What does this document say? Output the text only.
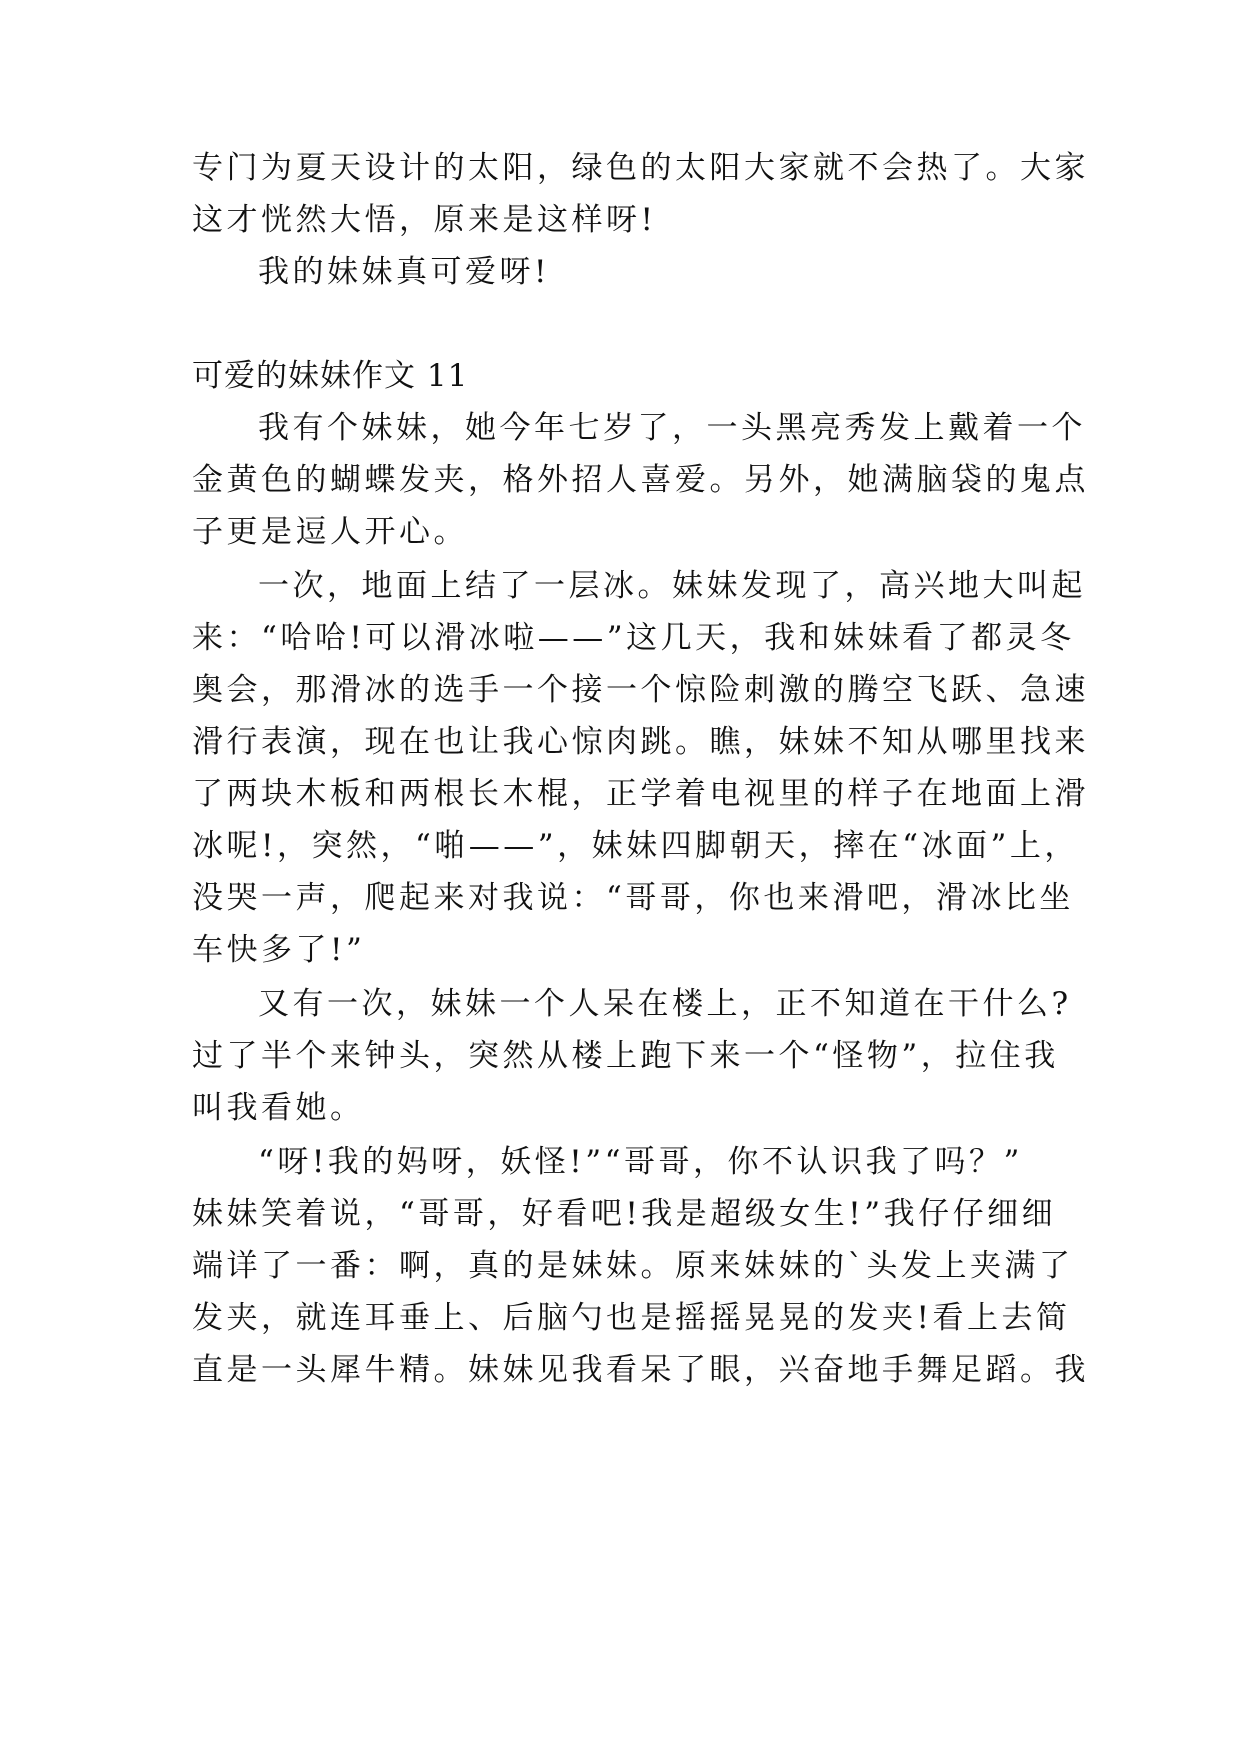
专门为夏天设计的太阳，绿色的太阳大家就不会热了。大家
这才恍然大悟，原来是这样呀!
我的妹妹真可爱呀!
可爱的妹妹作文 11
我有个妹妹，她今年七岁了，一头黑亮秀发上戴着一个
金黄色的蝴蝶发夹，格外招人喜爱。另外，她满脑袋的鬼点
子更是逗人开心。
一次，地面上结了一层冰。妹妹发现了，高兴地大叫起
来：“哈哈!可以滑冰啦——”这几天，我和妹妹看了都灵冬
奥会，那滑冰的选手一个接一个惊险刺激的腾空飞跃、急速
滑行表演，现在也让我心惊肉跳。瞧，妹妹不知从哪里找来
了两块木板和两根长木棍，正学着电视里的样子在地面上滑
冰呢!，突然，“啪——”，妹妹四脚朝天，摔在“冰面”上，
没哭一声，爬起来对我说：“哥哥，你也来滑吧，滑冰比坐
车快多了!”
又有一次，妹妹一个人呆在楼上，正不知道在干什么?
过了半个来钟头，突然从楼上跑下来一个“怪物”，拉住我
叫我看她。
“呀!我的妈呀，妖怪!”“哥哥，你不认识我了吗？”
妹妹笑着说，“哥哥，好看吧!我是超级女生!”我仔仔细细
端详了一番：啊，真的是妹妹。原来妹妹的`头发上夹满了
发夹，就连耳垂上、后脑勺也是摇摇晃晃的发夹!看上去简
直是一头犀牛精。妹妹见我看呆了眼，兴奋地手舞足蹈。我
